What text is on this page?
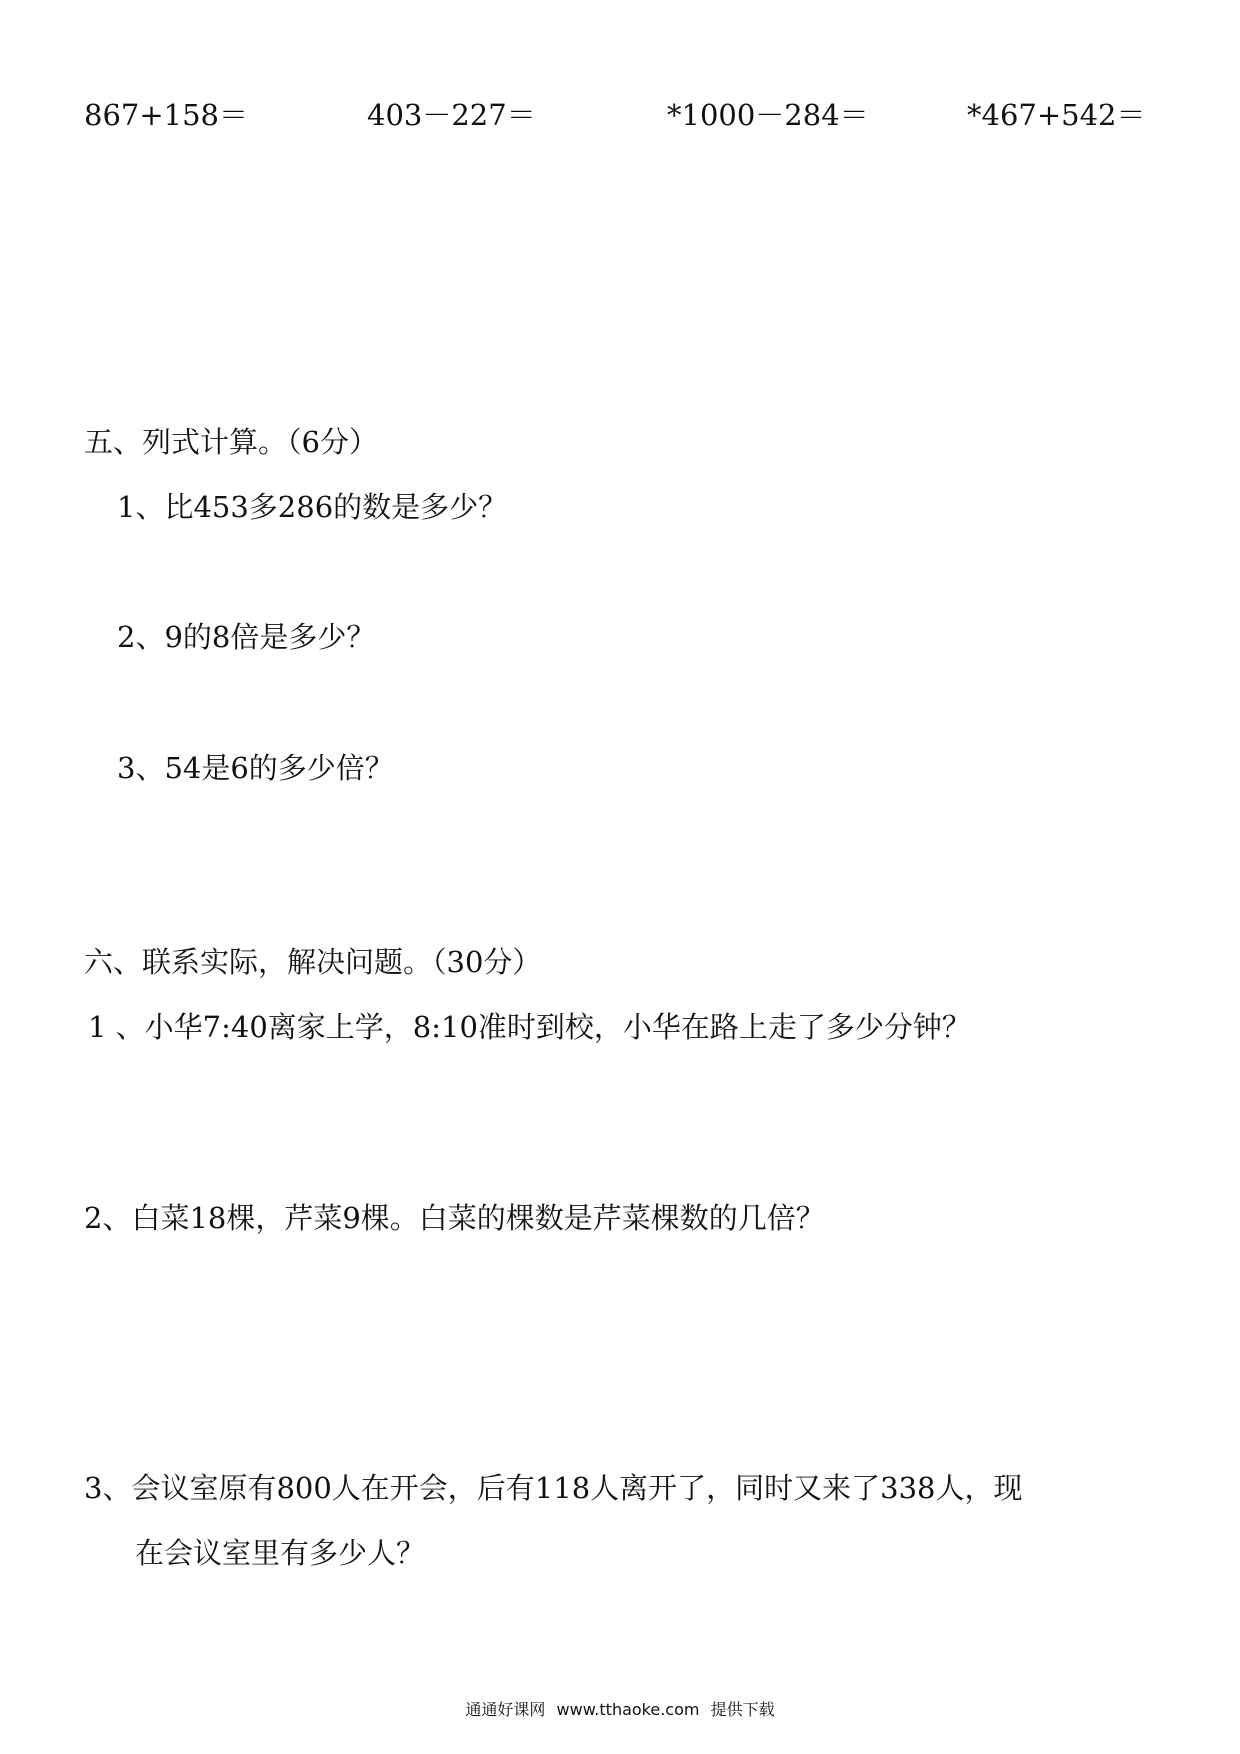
867+158＝	403－227＝	*1000－284＝	*467+542＝
五、列式计算。（6分）
1、比453多286的数是多少？
2、9的8倍是多少？
3、54是6的多少倍？
六、联系实际，解决问题。（30分）
1 、小华7:40离家上学，8:10准时到校，小华在路上走了多少分钟？
2、白菜18棵，芹菜9棵。白菜的棵数是芹菜棵数的几倍？
3、会议室原有800人在开会，后有118人离开了，同时又来了338人，现
在会议室里有多少人？
通通好课网 www.tthaoke.com 提供下载
